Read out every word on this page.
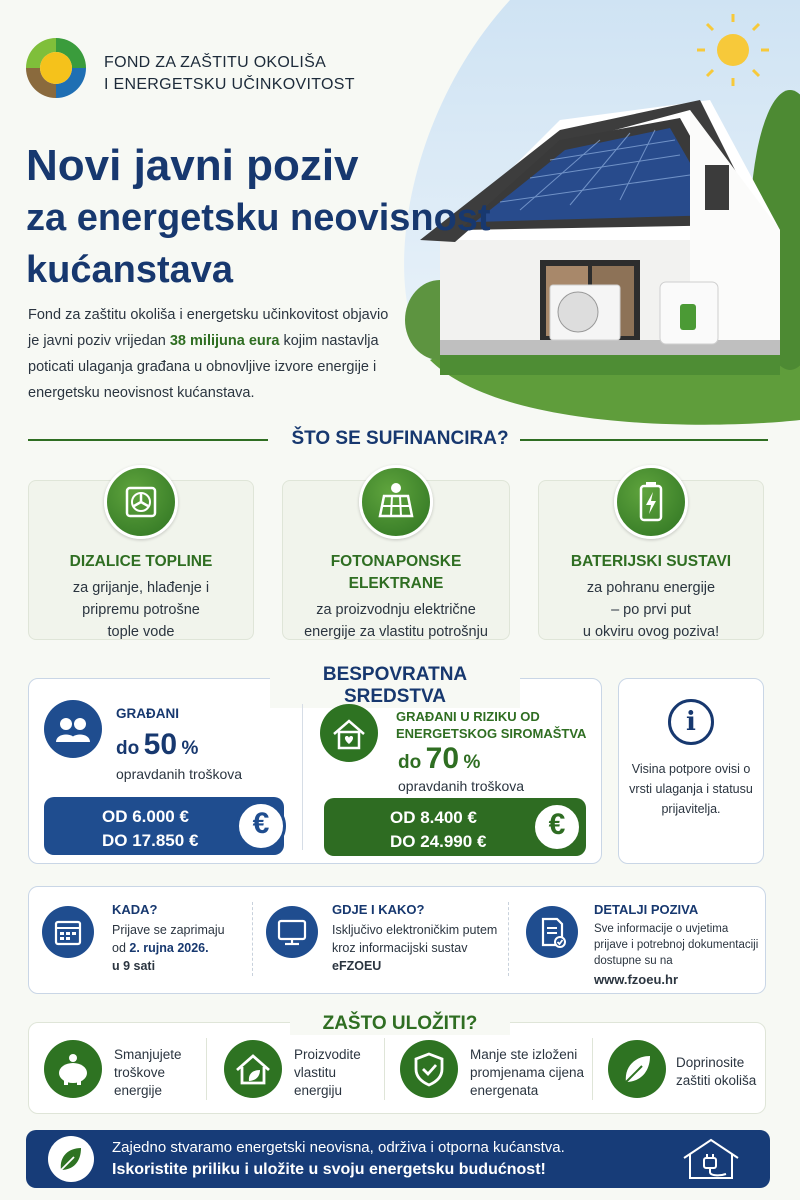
FOND ZA ZAŠTITU OKOLIŠA
I ENERGETSKU UČINKOVITOST
Novi javni poziv
za energetsku neovisnost
kućanstava

Fond za zaštitu okoliša i energetsku učinkovitost objavio je javni poziv vrijedan 38 milijuna eura kojim nastavlja poticati ulaganja građana u obnovljive izvore energije i energetsku neovisnost kućanstava.

ŠTO SE SUFINANCIRA?
DIZALICE TOPLINE
za grijanje, hlađenje i
pripremu potrošne
tople vode
FOTONAPONSKE
ELEKTRANE
za proizvodnju električne
energije za vlastitu potrošnju
BATERIJSKI SUSTAVI
za pohranu energije
– po prvi put
u okviru ovog poziva!
BESPOVRATNA SREDSTVA
GRAĐANI
do 50 %
opravdanih troškova
OD 6.000 €
DO 17.850 €
€
GRAĐANI U RIZIKU OD
ENERGETSKOG SIROMAŠTVA
do 70 %
opravdanih troškova
OD 8.400 €
DO 24.990 €
€
i
Visina potpore ovisi o
vrsti ulaganja i statusu
prijavitelja.
KADA?
Prijave se zaprimaju
od 2. rujna 2026.
u 9 sati
GDJE I KAKO?
Isključivo elektroničkim putem
kroz informacijski sustav
eFZOEU
DETALJI POZIVA
Sve informacije o uvjetima
prijave i potrebnoj dokumentaciji
dostupne su na
www.fzoeu.hr
ZAŠTO ULOŽITI?
Smanjujete
troškove
energije
Proizvodite
vlastitu
energiju
Manje ste izloženi
promjenama cijena
energenata
Doprinosite
zaštiti okoliša
Zajedno stvaramo energetski neovisna, održiva i otporna kućanstva.
Iskoristite priliku i uložite u svoju energetsku budućnost!
